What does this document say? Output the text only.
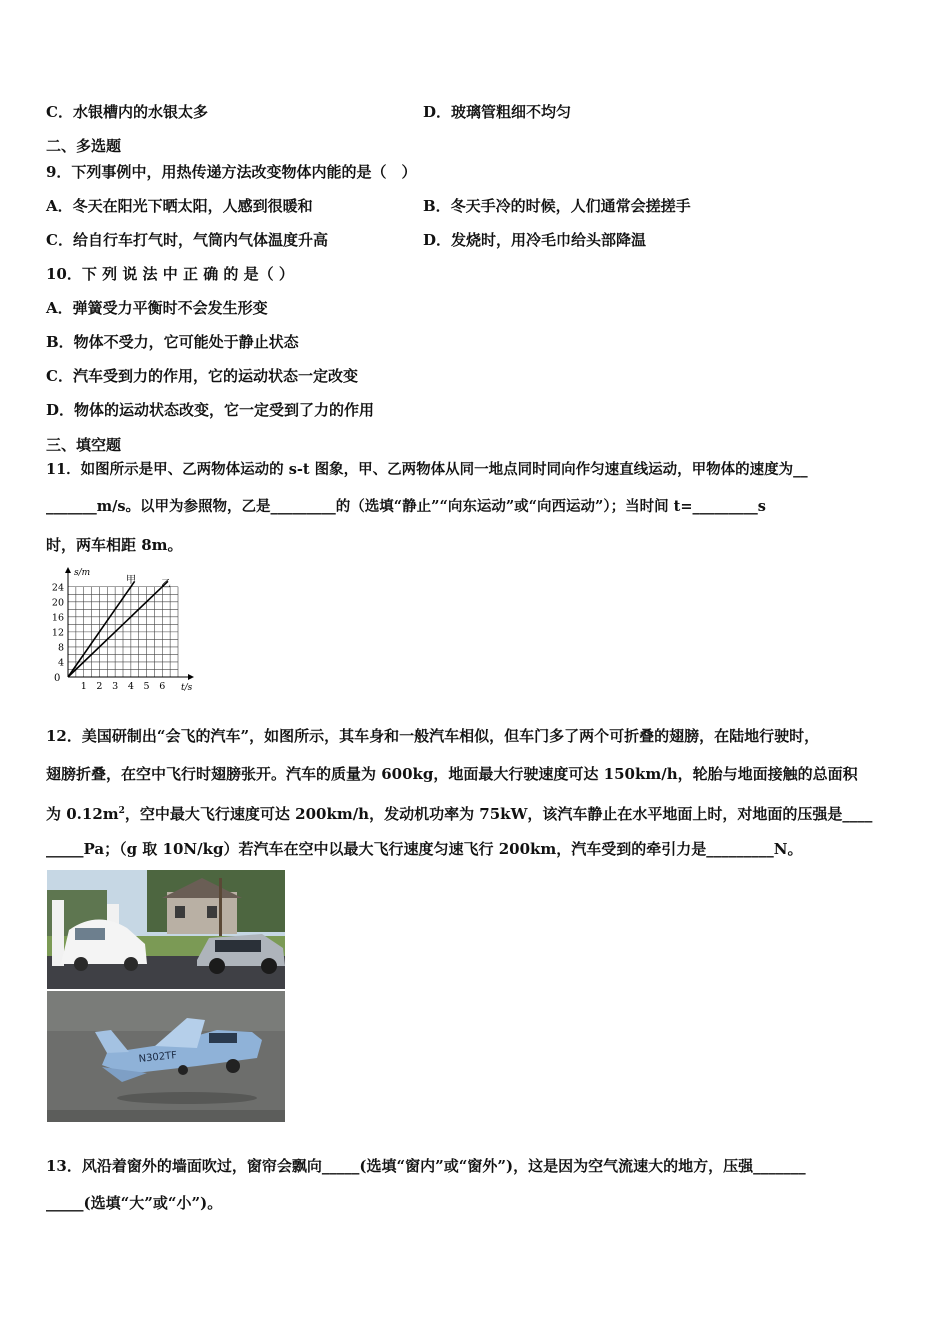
C．水银槽内的水银太多	D．玻璃管粗细不均匀
二、多选题
9．下列事例中，用热传递方法改变物体内能的是（　）
A．冬天在阳光下晒太阳，人感到很暖和	B．冬天手冷的时候，人们通常会搓搓手
C．给自行车打气时，气筒内气体温度升高	D．发烧时，用冷毛巾给头部降温
10．下 列 说 法 中 正 确 的 是（ ）
A．弹簧受力平衡时不会发生形变
B．物体不受力，它可能处于静止状态
C．汽车受到力的作用，它的运动状态一定改变
D．物体的运动状态改变，它一定受到了力的作用
三、填空题
11．如图所示是甲、乙两物体运动的 s-t 图象，甲、乙两物体从同一地点同时同向作匀速直线运动，甲物体的速度为__
_______m/s。以甲为参照物，乙是_________的（选填“静止”“向东运动”或“向西运动”）；当时间 t=_________s
时，两车相距 8m。
24
20
16
12
8
4
1 2 3 4 5 6
s/m
t/s
0
甲	乙
12．美国研制出“会飞的汽车”，如图所示，其车身和一般汽车相似，但车门多了两个可折叠的翅膀，在陆地行驶时，
翅膀折叠，在空中飞行时翅膀张开。汽车的质量为 600kg，地面最大行驶速度可达 150km/h，轮胎与地面接触的总面积
为 $0.12m^2$，空中最大飞行速度可达 200km/h，发动机功率为 75kW，该汽车静止在水平地面上时，对地面的压强是____
_____Pa；（g 取 10N/kg）若汽车在空中以最大飞行速度匀速飞行 200km，汽车受到的牵引力是_________N。
N302TF
13．风沿着窗外的墙面吹过，窗帘会飘向_____(选填“窗内”或“窗外”)，这是因为空气流速大的地方，压强_______
_____(选填“大”或“小”)。
